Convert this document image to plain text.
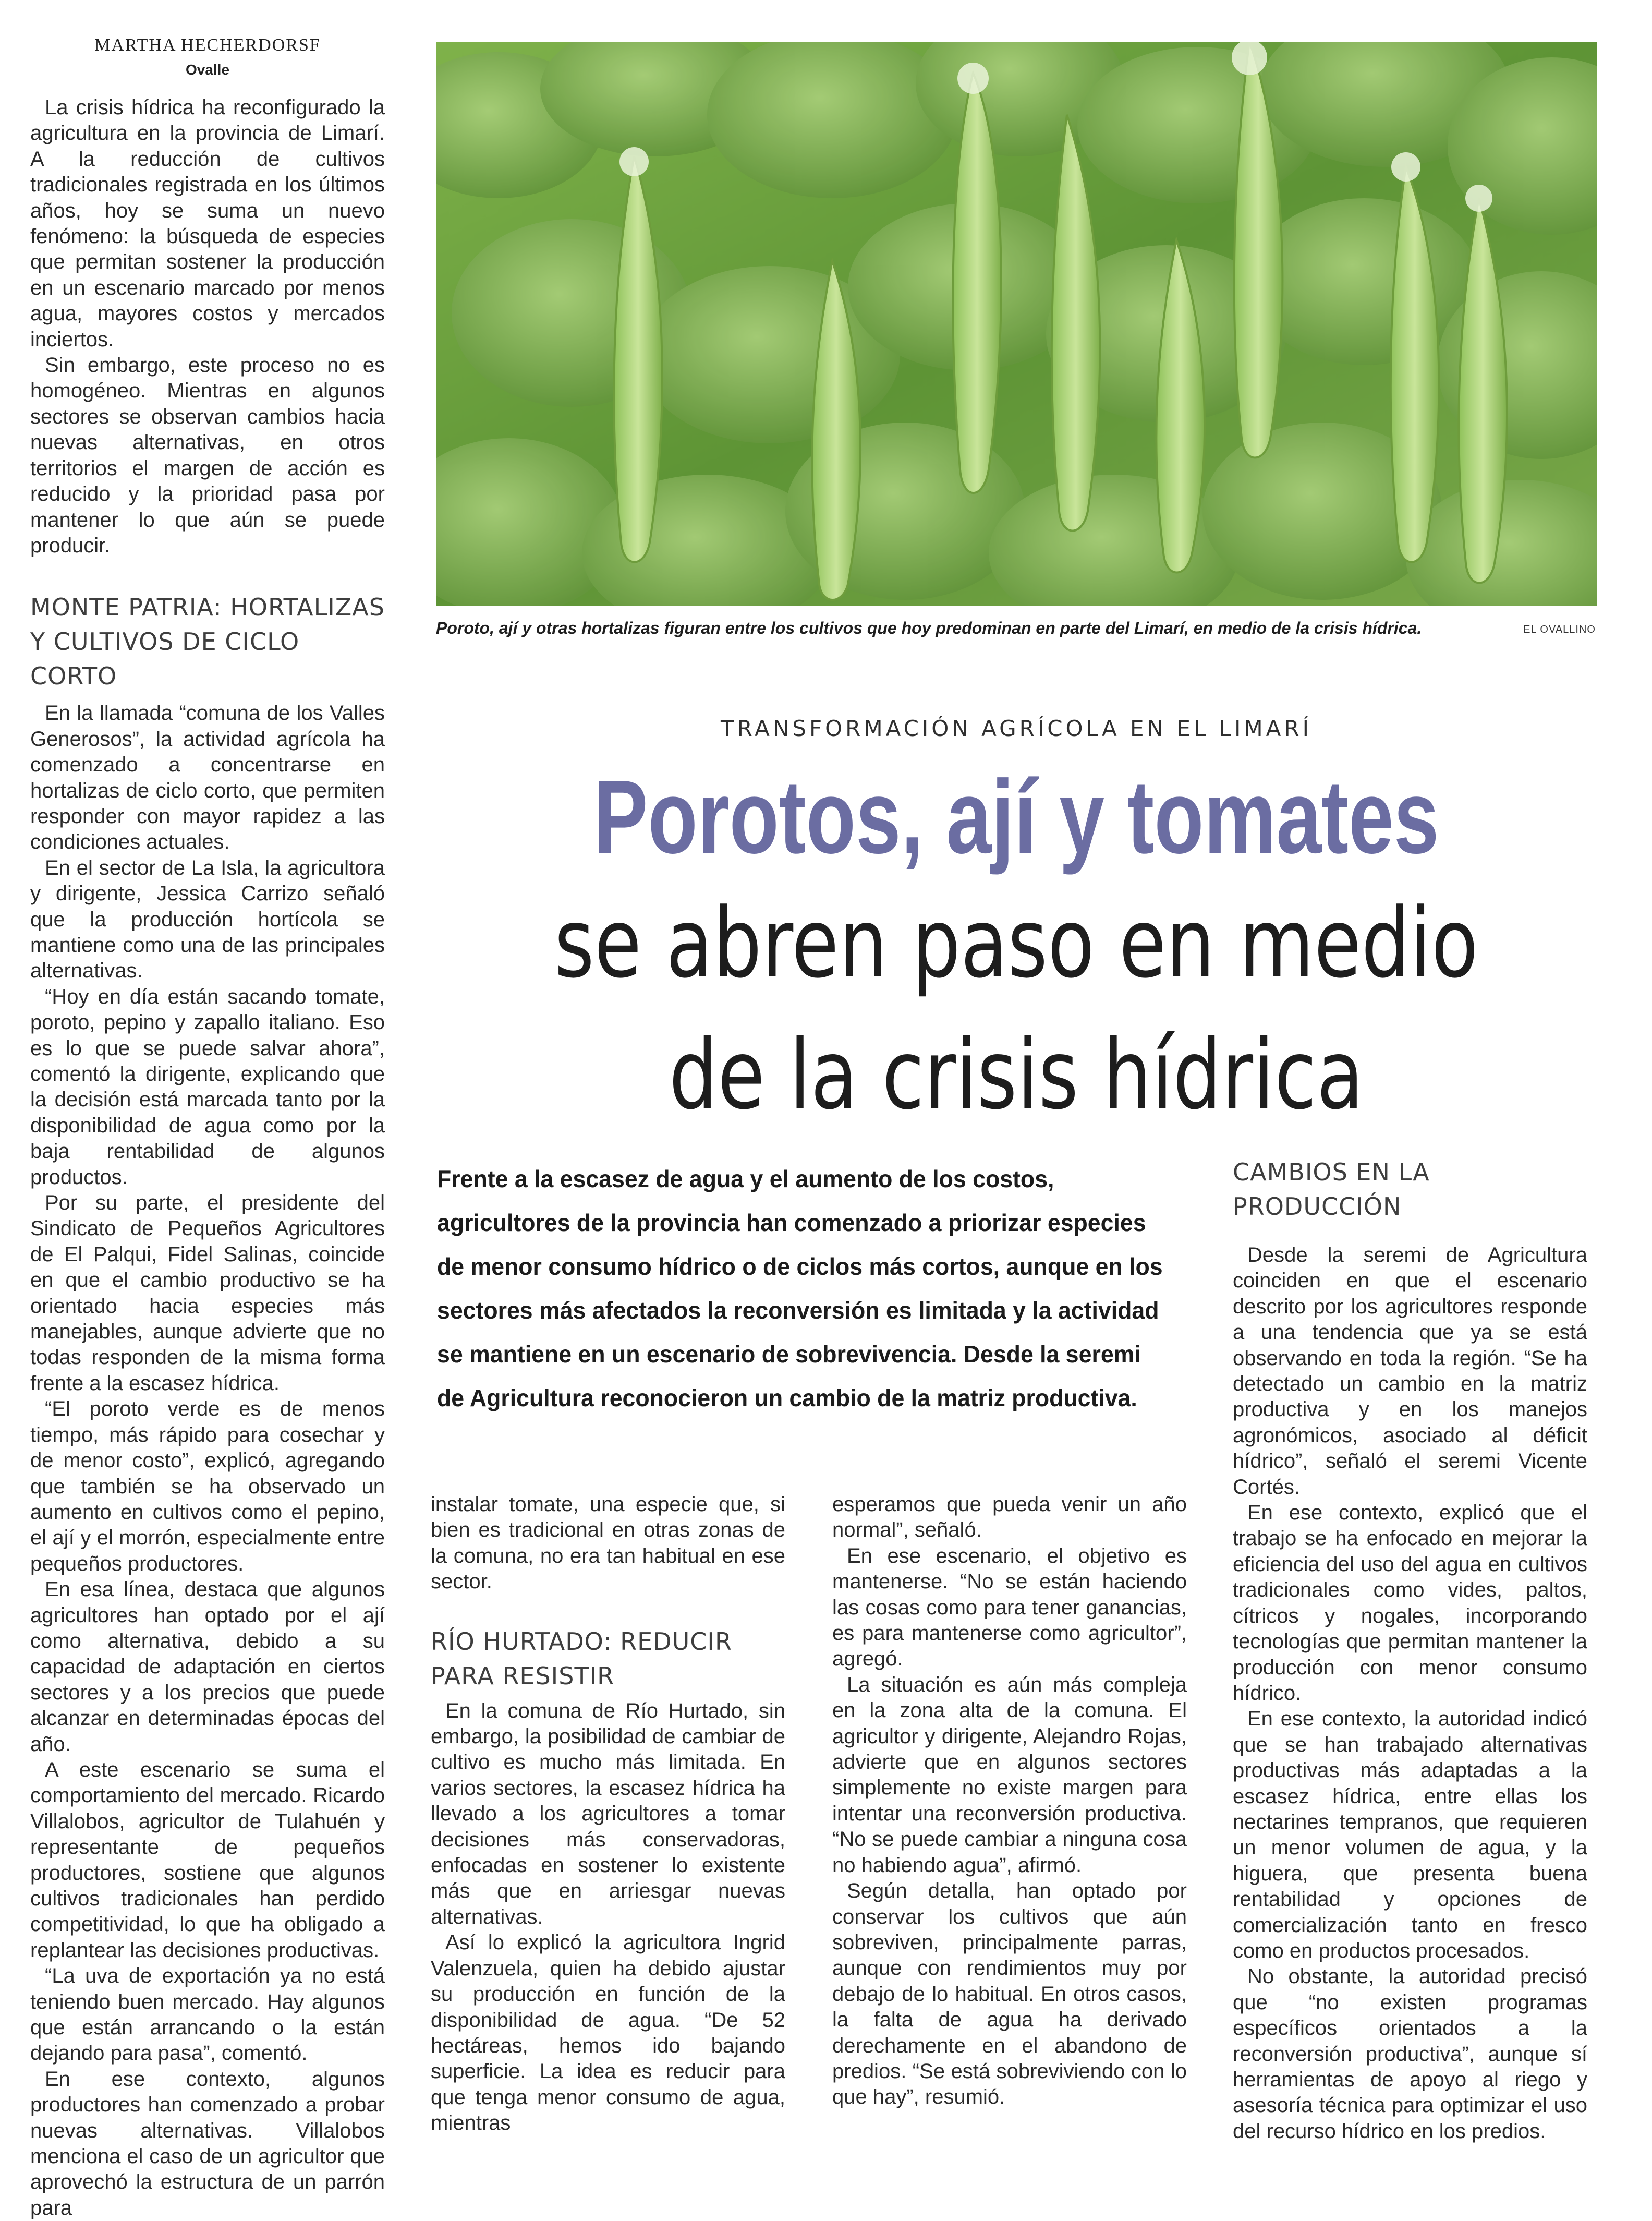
MARTHA HECHERDORSF
Ovalle

La crisis hídrica ha reconfigurado la agricultura en la provincia de Limarí. A la reducción de cultivos tradicionales registrada en los últimos años, hoy se suma un nuevo fenómeno: la búsqueda de especies que permitan sostener la producción en un escenario marcado por menos agua, mayores costos y mercados inciertos.

Sin embargo, este proceso no es homogéneo. Mientras en algunos sectores se observan cambios hacia nuevas alternativas, en otros territorios el margen de acción es reducido y la prioridad pasa por mantener lo que aún se puede producir.

MONTE PATRIA: HORTALIZAS Y CULTIVOS DE CICLO CORTO

En la llamada “comuna de los Valles Generosos”, la actividad agrícola ha comenzado a concentrarse en hortalizas de ciclo corto, que permiten responder con mayor rapidez a las condiciones actuales.

En el sector de La Isla, la agricultora y dirigente, Jessica Carrizo señaló que la producción hortícola se mantiene como una de las principales alternativas.

“Hoy en día están sacando tomate, poroto, pepino y zapallo italiano. Eso es lo que se puede salvar ahora”, comentó la dirigente, explicando que la decisión está marcada tanto por la disponibilidad de agua como por la baja rentabilidad de algunos productos.

Por su parte, el presidente del Sindicato de Pequeños Agricultores de El Palqui, Fidel Salinas, coincide en que el cambio productivo se ha orientado hacia especies más manejables, aunque advierte que no todas responden de la misma forma frente a la escasez hídrica.

“El poroto verde es de menos tiempo, más rápido para cosechar y de menor costo”, explicó, agregando que también se ha observado un aumento en cultivos como el pepino, el ají y el morrón, especialmente entre pequeños productores.

En esa línea, destaca que algunos agricultores han optado por el ají como alternativa, debido a su capacidad de adaptación en ciertos sectores y a los precios que puede alcanzar en determinadas épocas del año.

A este escenario se suma el comportamiento del mercado. Ricardo Villalobos, agricultor de Tulahuén y representante de pequeños productores, sostiene que algunos cultivos tradicionales han perdido competitividad, lo que ha obligado a replantear las decisiones productivas.

“La uva de exportación ya no está teniendo buen mercado. Hay algunos que están arrancando o la están dejando para pasa”, comentó.

En ese contexto, algunos productores han comenzado a probar nuevas alternativas. Villalobos menciona el caso de un agricultor que aprovechó la estructura de un parrón para

Poroto, ají y otras hortalizas figuran entre los cultivos que hoy predominan en parte del Limarí, en medio de la crisis hídrica.	EL OVALLINO
TRANSFORMACIÓN AGRÍCOLA EN EL LIMARÍ
Porotos, ají y tomates
se abren paso en medio
de la crisis hídrica
Frente a la escasez de agua y el aumento de los costos, agricultores de la provincia han comenzado a priorizar especies de menor consumo hídrico o de ciclos más cortos, aunque en los sectores más afectados la reconversión es limitada y la actividad se mantiene en un escenario de sobrevivencia. Desde la seremi de Agricultura reconocieron un cambio de la matriz productiva.

instalar tomate, una especie que, si bien es tradicional en otras zonas de la comuna, no era tan habitual en ese sector.

RÍO HURTADO: REDUCIR PARA RESISTIR

En la comuna de Río Hurtado, sin embargo, la posibilidad de cambiar de cultivo es mucho más limitada. En varios sectores, la escasez hídrica ha llevado a los agricultores a tomar decisiones más conservadoras, enfocadas en sostener lo existente más que en arriesgar nuevas alternativas.

Así lo explicó la agricultora Ingrid Valenzuela, quien ha debido ajustar su producción en función de la disponibilidad de agua. “De 52 hectáreas, hemos ido bajando superficie. La idea es reducir para que tenga menor consumo de agua, mientras

esperamos que pueda venir un año normal”, señaló.

En ese escenario, el objetivo es mantenerse. “No se están haciendo las cosas como para tener ganancias, es para mantenerse como agricultor”, agregó.

La situación es aún más compleja en la zona alta de la comuna. El agricultor y dirigente, Alejandro Rojas, advierte que en algunos sectores simplemente no existe margen para intentar una reconversión productiva. “No se puede cambiar a ninguna cosa no habiendo agua”, afirmó.

Según detalla, han optado por conservar los cultivos que aún sobreviven, principalmente parras, aunque con rendimientos muy por debajo de lo habitual. En otros casos, la falta de agua ha derivado derechamente en el abandono de predios. “Se está sobreviviendo con lo que hay”, resumió.

CAMBIOS EN LA PRODUCCIÓN

Desde la seremi de Agricultura coinciden en que el escenario descrito por los agricultores responde a una tendencia que ya se está observando en toda la región. “Se ha detectado un cambio en la matriz productiva y en los manejos agronómicos, asociado al déficit hídrico”, señaló el seremi Vicente Cortés.

En ese contexto, explicó que el trabajo se ha enfocado en mejorar la eficiencia del uso del agua en cultivos tradicionales como vides, paltos, cítricos y nogales, incorporando tecnologías que permitan mantener la producción con menor consumo hídrico.

En ese contexto, la autoridad indicó que se han trabajado alternativas productivas más adaptadas a la escasez hídrica, entre ellas los nectarines tempranos, que requieren un menor volumen de agua, y la higuera, que presenta buena rentabilidad y opciones de comercialización tanto en fresco como en productos procesados.

No obstante, la autoridad precisó que “no existen programas específicos orientados a la reconversión productiva”, aunque sí herramientas de apoyo al riego y asesoría técnica para optimizar el uso del recurso hídrico en los predios.
